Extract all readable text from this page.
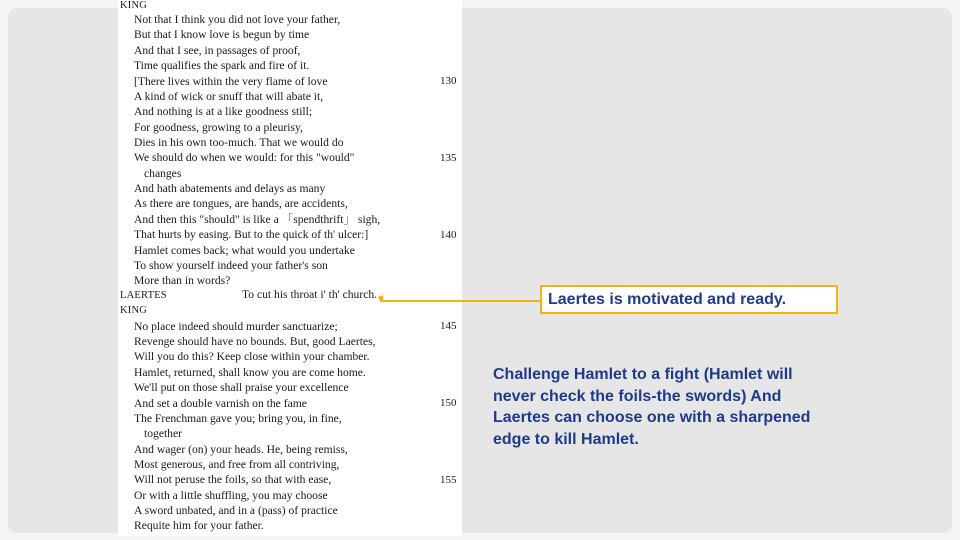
KING
Not that I think you did not love your father,
But that I know love is begun by time
And that I see, in passages of proof,
Time qualifies the spark and fire of it.
[There lives within the very flame of love
A kind of wick or snuff that will abate it,
And nothing is at a like goodness still;
For goodness, growing to a pleurisy,
Dies in his own too-much. That we would do
We should do when we would: for this "would"
changes
And hath abatements and delays as many
As there are tongues, are hands, are accidents,
And then this "should" is like a 「spendthrift」 sigh,
That hurts by easing. But to the quick of th' ulcer:]
Hamlet comes back; what would you undertake
To show yourself indeed your father's son
More than in words?
LAERTES	To cut his throat i' th' church.
KING
No place indeed should murder sanctuarize;
Revenge should have no bounds. But, good Laertes,
Will you do this? Keep close within your chamber.
Hamlet, returned, shall know you are come home.
We'll put on those shall praise your excellence
And set a double varnish on the fame
The Frenchman gave you; bring you, in fine,
together
And wager (on) your heads. He, being remiss,
Most generous, and free from all contriving,
Will not peruse the foils, so that with ease,
Or with a little shuffling, you may choose
A sword unbated, and in a (pass) of practice
Requite him for your father.
130
135
140
145
150
155
Laertes is motivated and ready.
Challenge Hamlet to a fight (Hamlet will never check the foils-the swords) And Laertes can choose one with a sharpened edge to kill Hamlet.
